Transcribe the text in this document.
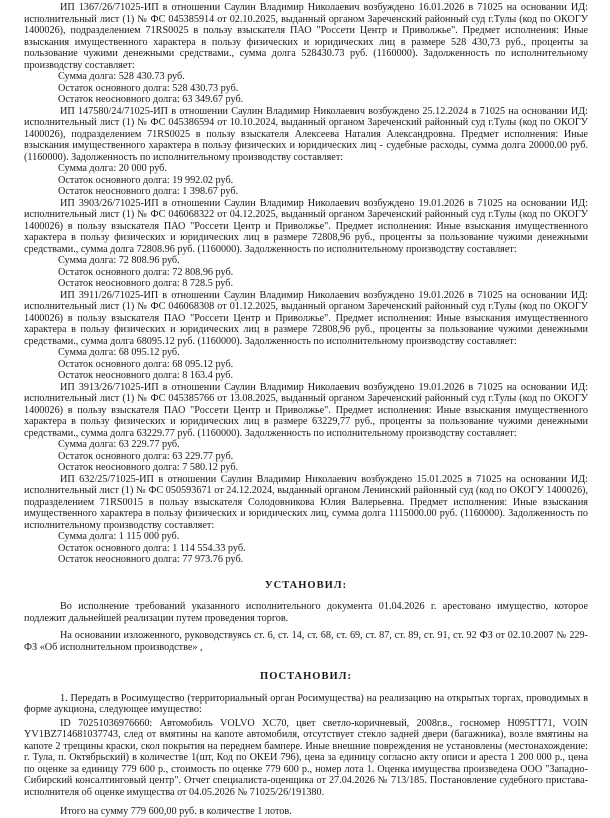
ИП 1367/26/71025-ИП в отношении Саулин Владимир Николаевич возбуждено 16.01.2026 в 71025 на основании ИД: исполнительный лист (1) № ФС 045385914 от 02.10.2025, выданный органом Зареченский районный суд г.Тулы (код по ОКОГУ 1400026), подразделением 71RS0025 в пользу взыскателя ПАО "Россети Центр и Приволжье". Предмет исполнения: Иные взыскания имущественного характера в пользу физических и юридических лиц в размере 528 430,73 руб., проценты за пользование чужими денежными средствами., сумма долга 528430.73 руб. (1160000). Задолженность по исполнительному производству составляет:

Сумма долга: 528 430.73 руб.
Остаток основного долга: 528 430.73 руб.
Остаток неосновного долга: 63 349.67 руб.

ИП 147580/24/71025-ИП в отношении Саулин Владимир Николаевич возбуждено 25.12.2024 в 71025 на основании ИД: исполнительный лист (1) № ФС 045386594 от 10.10.2024, выданный органом Зареченский районный суд г.Тулы (код по ОКОГУ 1400026), подразделением 71RS0025 в пользу взыскателя Алексеева Наталия Александровна. Предмет исполнения: Иные взыскания имущественного характера в пользу физических и юридических лиц - судебные расходы, сумма долга 20000.00 руб. (1160000). Задолженность по исполнительному производству составляет:

Сумма долга: 20 000 руб.
Остаток основного долга: 19 992.02 руб.
Остаток неосновного долга: 1 398.67 руб.

ИП 3903/26/71025-ИП в отношении Саулин Владимир Николаевич возбуждено 19.01.2026 в 71025 на основании ИД: исполнительный лист (1) № ФС 046068322 от 04.12.2025, выданный органом Зареченский районный суд г.Тулы (код по ОКОГУ 1400026) в пользу взыскателя ПАО "Россети Центр и Приволжье". Предмет исполнения: Иные взыскания имущественного характера в пользу физических и юридических лиц в размере 72808,96 руб., проценты за пользование чужими денежными средствами., сумма долга 72808.96 руб. (1160000). Задолженность по исполнительному производству составляет:

Сумма долга: 72 808.96 руб.
Остаток основного долга: 72 808.96 руб.
Остаток неосновного долга: 8 728.5 руб.

ИП 3911/26/71025-ИП в отношении Саулин Владимир Николаевич возбуждено 19.01.2026 в 71025 на основании ИД: исполнительный лист (1) № ФС 046068308 от 01.12.2025, выданный органом Зареченский районный суд г.Тулы (код по ОКОГУ 1400026) в пользу взыскателя ПАО "Россети Центр и Приволжье". Предмет исполнения: Иные взыскания имущественного характера в пользу физических и юридических лиц в размере 72808,96 руб., проценты за пользование чужими денежными средствами., сумма долга 68095.12 руб. (1160000). Задолженность по исполнительному производству составляет:

Сумма долга: 68 095.12 руб.
Остаток основного долга: 68 095.12 руб.
Остаток неосновного долга: 8 163.4 руб.

ИП 3913/26/71025-ИП в отношении Саулин Владимир Николаевич возбуждено 19.01.2026 в 71025 на основании ИД: исполнительный лист (1) № ФС 045385766 от 13.08.2025, выданный органом Зареченский районный суд г.Тулы (код по ОКОГУ 1400026) в пользу взыскателя ПАО "Россети Центр и Приволжье". Предмет исполнения: Иные взыскания имущественного характера в пользу физических и юридических лиц в размере 63229,77 руб., проценты за пользование чужими денежными средствами., сумма долга 63229.77 руб. (1160000). Задолженность по исполнительному производству составляет:

Сумма долга: 63 229.77 руб.
Остаток основного долга: 63 229.77 руб.
Остаток неосновного долга: 7 580.12 руб.

ИП 632/25/71025-ИП в отношении Саулин Владимир Николаевич возбуждено 15.01.2025 в 71025 на основании ИД: исполнительный лист (1) № ФС 050593671 от 24.12.2024, выданный органом Ленинский районный суд (код по ОКОГУ 1400026), подразделением 71RS0015 в пользу взыскателя Солодовникова Юлия Валерьевна. Предмет исполнения: Иные взыскания имущественного характера в пользу физических и юридических лиц, сумма долга 1115000.00 руб. (1160000). Задолженность по исполнительному производству составляет:

Сумма долга: 1 115 000 руб.
Остаток основного долга: 1 114 554.33 руб.
Остаток неосновного долга: 77 973.76 руб.
УСТАНОВИЛ:

Во исполнение требований указанного исполнительного документа 01.04.2026 г. арестовано имущество, которое подлежит дальнейшей реализации путем проведения торгов.

На основании изложенного, руководствуясь ст. 6, ст. 14, ст. 68, ст. 69, ст. 87, ст. 89, ст. 91, ст. 92 ФЗ от 02.10.2007 № 229-ФЗ «Об исполнительном производстве» ,

ПОСТАНОВИЛ:

1. Передать в Росимущество (территориальный орган Росимущества) на реализацию на открытых торгах, проводимых в форме аукциона, следующее имущество:

ID 70251036976660: Автомобиль VOLVO XC70, цвет светло-коричневый, 2008г.в., госномер Н095ТТ71, VOIN YV1BZ714681037743, след от вмятины на капоте автомобиля, отсутствует стекло задней двери (багажника), возле вмятины на капоте 2 трещины краски, скол покрытия на переднем бампере. Иные внешние повреждения не установлены (местонахождение: г. Тула, п. Октябрьский) в количестве 1(шт, Код по ОКЕИ 796), цена за единицу согласно акту описи и ареста 1 200 000 р., цена по оценке за единицу 779 600 р., стоимость по оценке 779 600 р., номер лота 1. Оценка имущества произведена ООО "Западно-Сибирский консалтинговый центр". Отчет специалиста-оценщика от 27.04.2026 № 713/185. Постановление судебного пристава-исполнителя об оценке имущества от 04.05.2026 № 71025/26/191380.

Итого на сумму 779 600,00 руб. в количестве 1 лотов.
